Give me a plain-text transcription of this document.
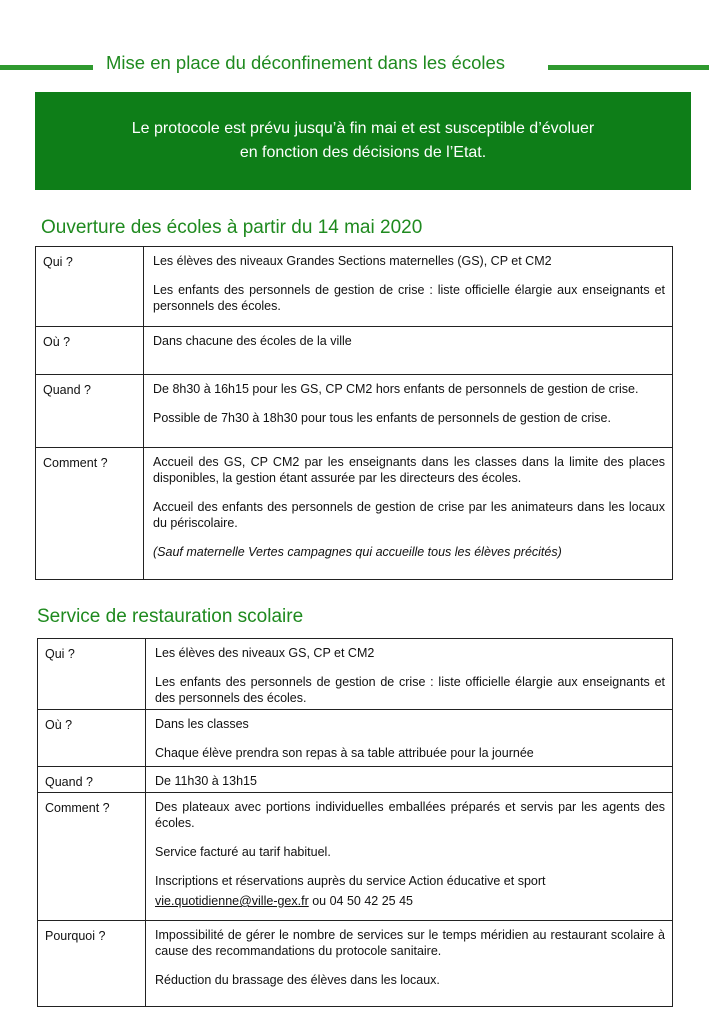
Mise en place du déconfinement dans les écoles
Le protocole est prévu jusqu’à fin mai et est susceptible d’évoluer
en fonction des décisions de l’Etat.
Ouverture des écoles à partir du 14 mai 2020
Qui ?	Les élèves des niveaux Grandes Sections maternelles (GS), CP et CM2

Les enfants des personnels de gestion de crise : liste officielle élargie aux enseignants et personnels des écoles.

Où ?	Dans chacune des écoles de la ville

Quand ?	De 8h30 à 16h15 pour les GS, CP CM2 hors enfants de personnels de gestion de crise.

Possible de 7h30 à 18h30 pour tous les enfants de personnels de gestion de crise.

Comment ?	Accueil des GS, CP CM2 par les enseignants dans les classes dans la limite des places disponibles, la gestion étant assurée par les directeurs des écoles.

Accueil des enfants des personnels de gestion de crise par les animateurs dans les locaux du périscolaire.

(Sauf maternelle Vertes campagnes qui accueille tous les élèves précités)

Service de restauration scolaire
Qui ?	Les élèves des niveaux GS, CP et CM2

Les enfants des personnels de gestion de crise : liste officielle élargie aux enseignants et des personnels des écoles.

Où ?	Dans les classes

Chaque élève prendra son repas à sa table attribuée pour la journée

Quand ?	De 11h30 à 13h15

Comment ?	Des plateaux avec portions individuelles emballées préparés et servis par les agents des écoles.

Service facturé au tarif habituel.

Inscriptions et réservations auprès du service Action éducative et sport

vie.quotidienne@ville-gex.fr ou 04 50 42 25 45

Pourquoi ?	Impossibilité de gérer le nombre de services sur le temps méridien au restaurant scolaire à cause des recommandations du protocole sanitaire.

Réduction du brassage des élèves dans les locaux.
